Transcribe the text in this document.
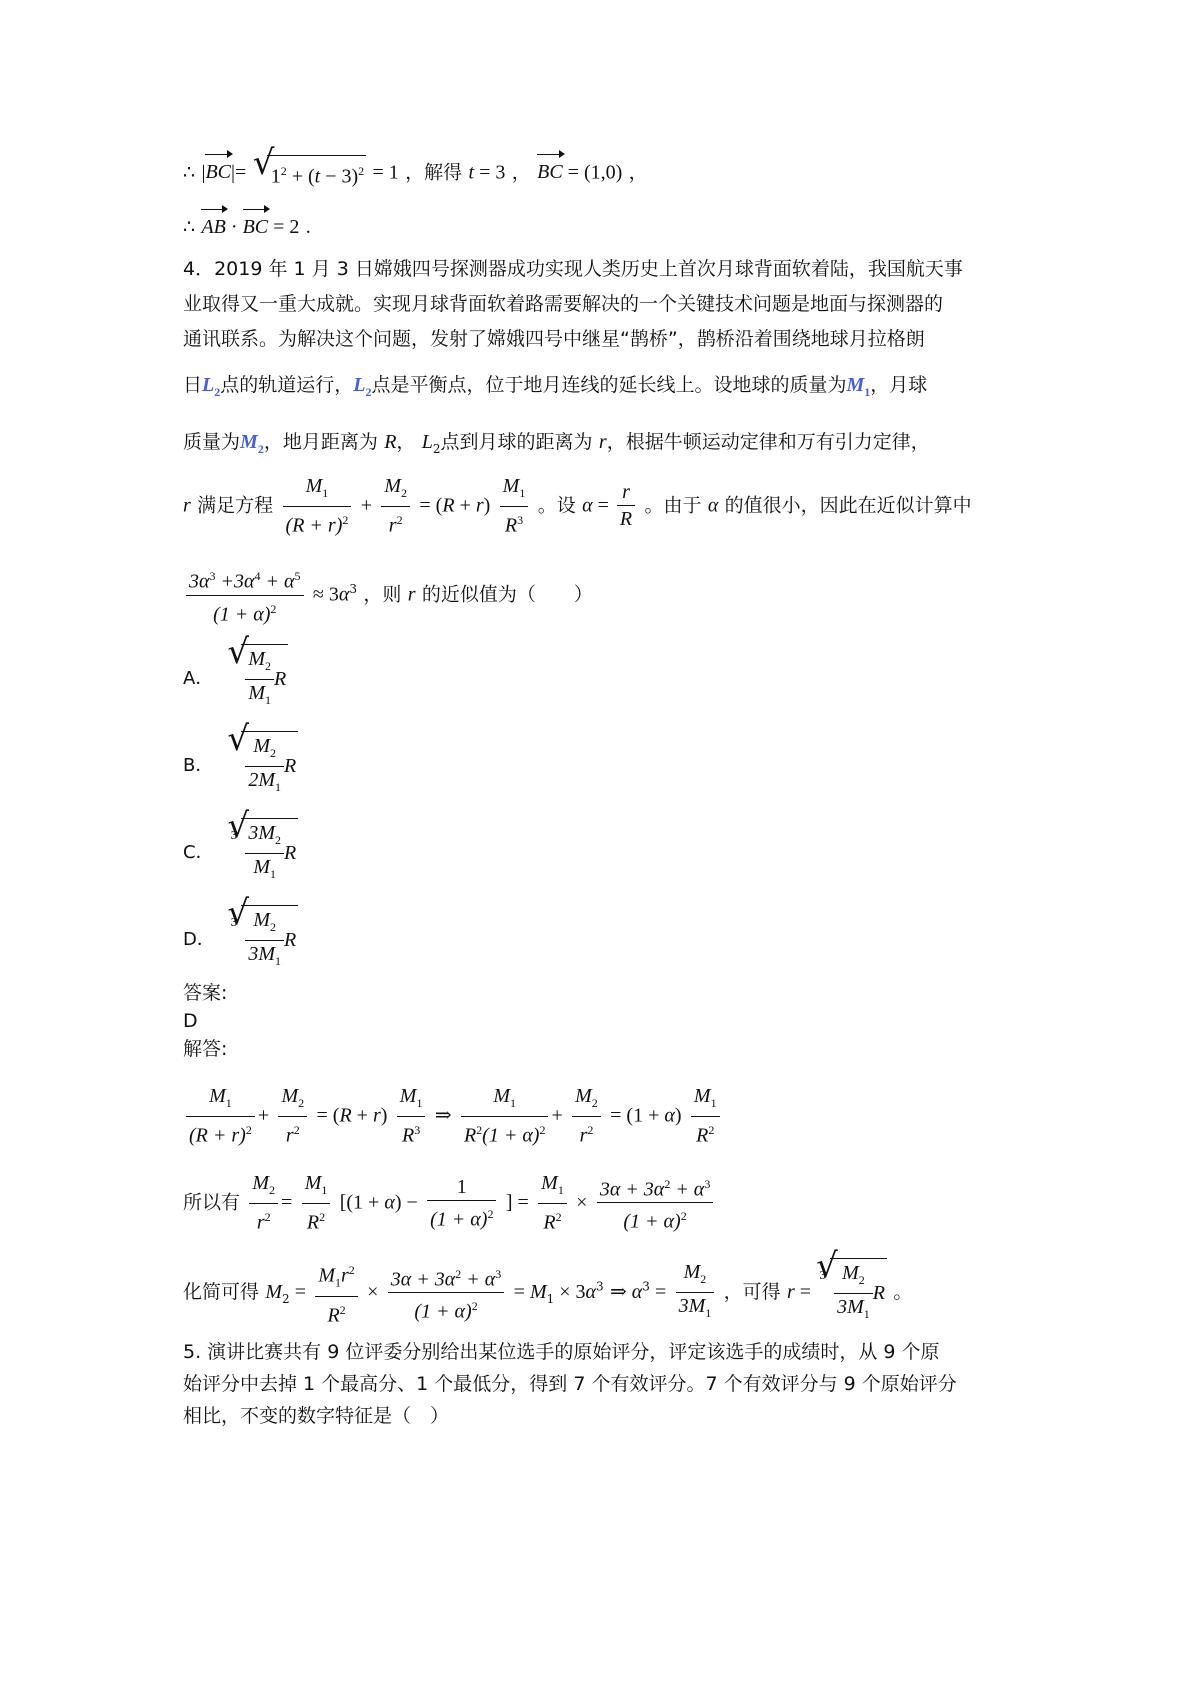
∴ |BC|= √ $1^2 + (t - 3)^2 = 1$ ，解得 t = 3 ， BC = (1,0) ，
∴ AB · BC = 2 .
4．2019 年 1 月 3 日嫦娥四号探测器成功实现人类历史上首次月球背面软着陆，我国航天事
业取得又一重大成就。实现月球背面软着路需要解决的一个关键技术问题是地面与探测器的
通讯联系。为解决这个问题，发射了嫦娥四号中继星“鹊桥”，鹊桥沿着围绕地球月拉格朗
日$L_2$点的轨道运行，$L_2$点是平衡点，位于地月连线的延长线上。设地球的质量为$M_1$，月球
质量为$M_2$，地月距离为 R， $L_2$点到月球的距离为 r，根据牛顿运动定律和万有引力定律，
r 满足方程 $\frac{M_1}{(R + r)^2} + \frac{M_2}{r^2} = (R + r) \frac{M_1}{R^3}$ 。设 $\alpha = \frac{r}{R}$ 。由于 α 的值很小，因此在近似计算中
$\frac{3\alpha^3 +3\alpha^4 + \alpha^5}{(1 + \alpha)^2} \approx 3\alpha^3$ ，则 r 的近似值为（　　）
A． √ $\frac{M_2}{M_1}$ R
B． √ $\frac{M_2}{2M_1}$ R
C．
√ $3 \frac{3M_2}{M_1}$ R
D．
√ $3 \frac{M_2}{3M_1}$ R
答案:
D
解答:
$\frac{M_1}{(R + r)^2} + \frac{M_2}{r^2} = (R + r) \frac{M_1}{R^3}$ ⇒ $\frac{M_1}{R^2(1 + \alpha)^2} + \frac{M_2}{r^2} = (1 + \alpha) \frac{M_1}{R^2}$
所以有 $\frac{M_2}{r^2} = \frac{M_1}{R^2} [(1 + \alpha) - \frac{1}{(1 + \alpha)^2}$ ] = $\frac{M_1}{R^2} \times \frac{3\alpha + 3\alpha^2 + \alpha^3}{(1 + \alpha)^2}$
化简可得 $M_2 = \frac{M_1r^2}{R^2} \times \frac{3\alpha + 3\alpha^2 + \alpha^3}{(1 + \alpha)^2} = M_1 \times 3\alpha^3$ ⇒ $\alpha^3 = \frac{M_2}{3M_1}$ ，可得 r =
√ $3 \frac{M_2}{3M_1}$ R 。
5. 演讲比赛共有 9 位评委分别给出某位选手的原始评分，评定该选手的成绩时，从 9 个原
始评分中去掉 1 个最高分、1 个最低分，得到 7 个有效评分。7 个有效评分与 9 个原始评分
相比，不变的数字特征是（　）
